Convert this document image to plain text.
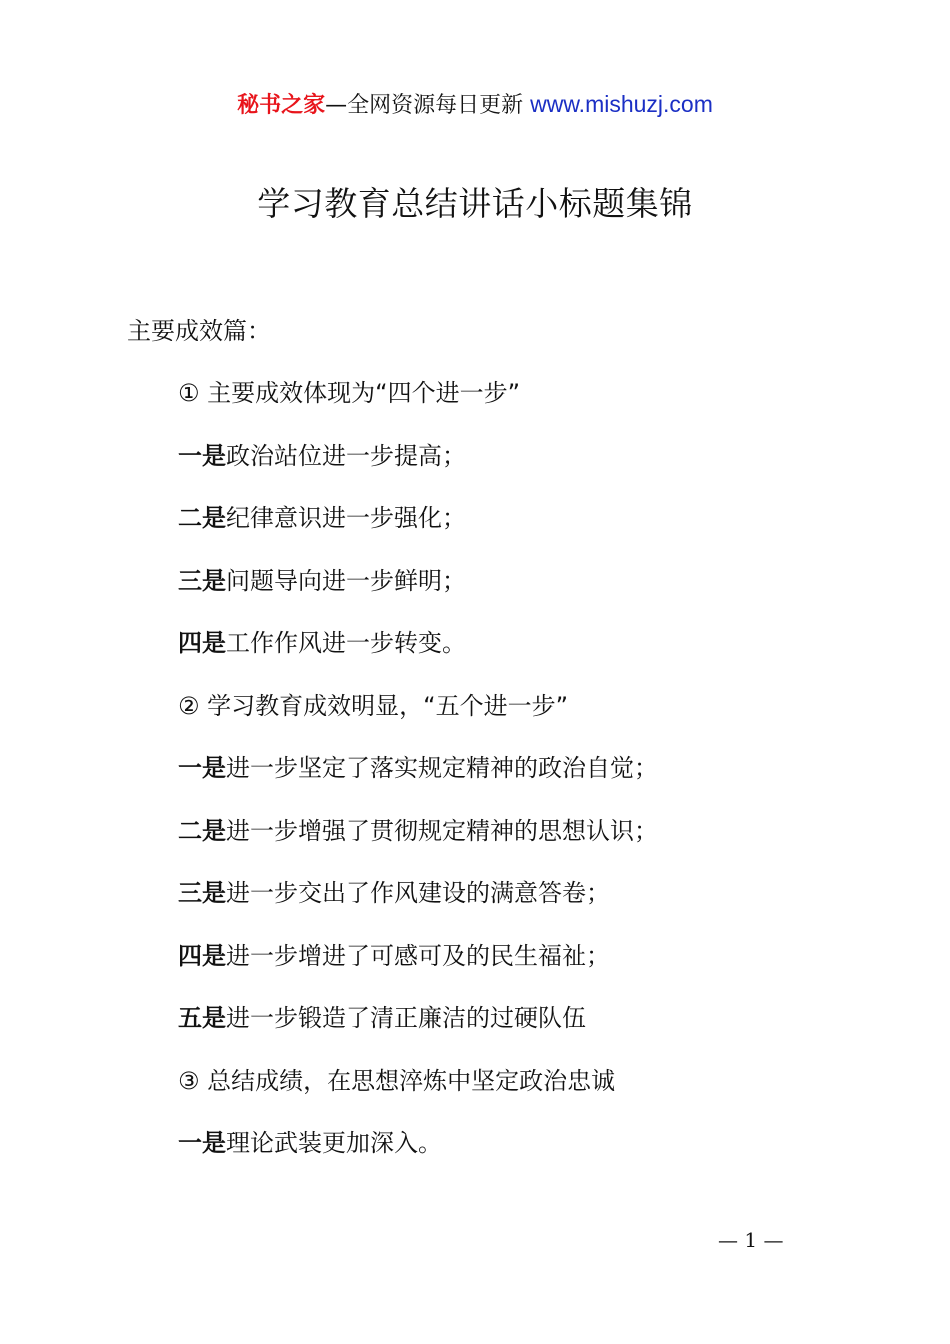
秘书之家—全网资源每日更新 www.mishuzj.com
学习教育总结讲话小标题集锦
主要成效篇：
① 主要成效体现为“四个进一步”
一是政治站位进一步提高；
二是纪律意识进一步强化；
三是问题导向进一步鲜明；
四是工作作风进一步转变。
② 学习教育成效明显，“五个进一步”
一是进一步坚定了落实规定精神的政治自觉；
二是进一步增强了贯彻规定精神的思想认识；
三是进一步交出了作风建设的满意答卷；
四是进一步增进了可感可及的民生福祉；
五是进一步锻造了清正廉洁的过硬队伍
③ 总结成绩，在思想淬炼中坚定政治忠诚
一是理论武装更加深入。
— 1 —
